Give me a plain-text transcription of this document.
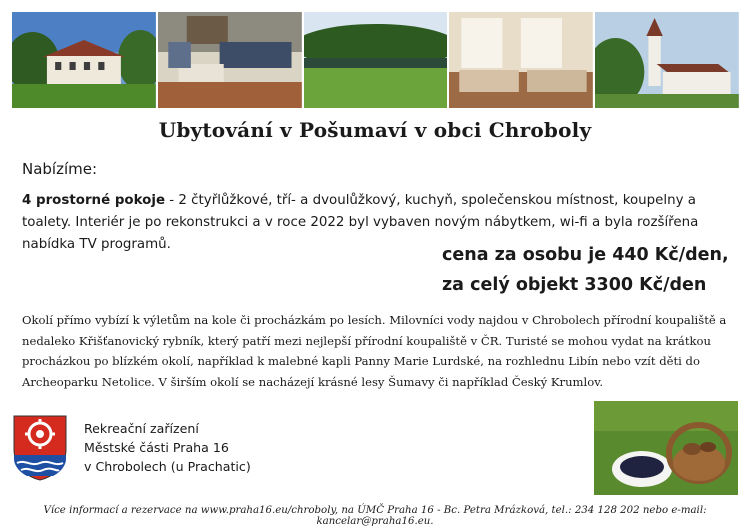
Ubytování v Pošumaví v obci Chroboly
Nabízíme:
4 prostorné pokoje - 2 čtyřlůžkové, tří- a dvoulůžkový, kuchyň, společenskou místnost, koupelny a toalety. Interiér je po rekonstrukci a v roce 2022 byl vybaven novým nábytkem, wi-fi a byla rozšířena nabídka TV programů.
cena za osobu je 440 Kč/den,
za celý objekt 3300 Kč/den
Okolí přímo vybízí k výletům na kole či procházkám po lesích. Milovníci vody najdou v Chrobolech přírodní koupaliště a nedaleko Křišťanovický rybník, který patří mezi nejlepší přírodní koupaliště v ČR. Turisté se mohou vydat na krátkou procházkou po blízkém okolí, například k malebné kapli Panny Marie Lurdské, na rozhlednu Libín nebo vzít děti do Archeoparku Netolice. V širším okolí se nacházejí krásné lesy Šumavy či například Český Krumlov.
Rekreační zařízení
Městské části Praha 16
v Chrobolech (u Prachatic)
Více informací a rezervace na www.praha16.eu/chroboly, na ÚMČ Praha 16 - Bc. Petra Mrázková, tel.: 234 128 202 nebo e-mail: kancelar@praha16.eu.
